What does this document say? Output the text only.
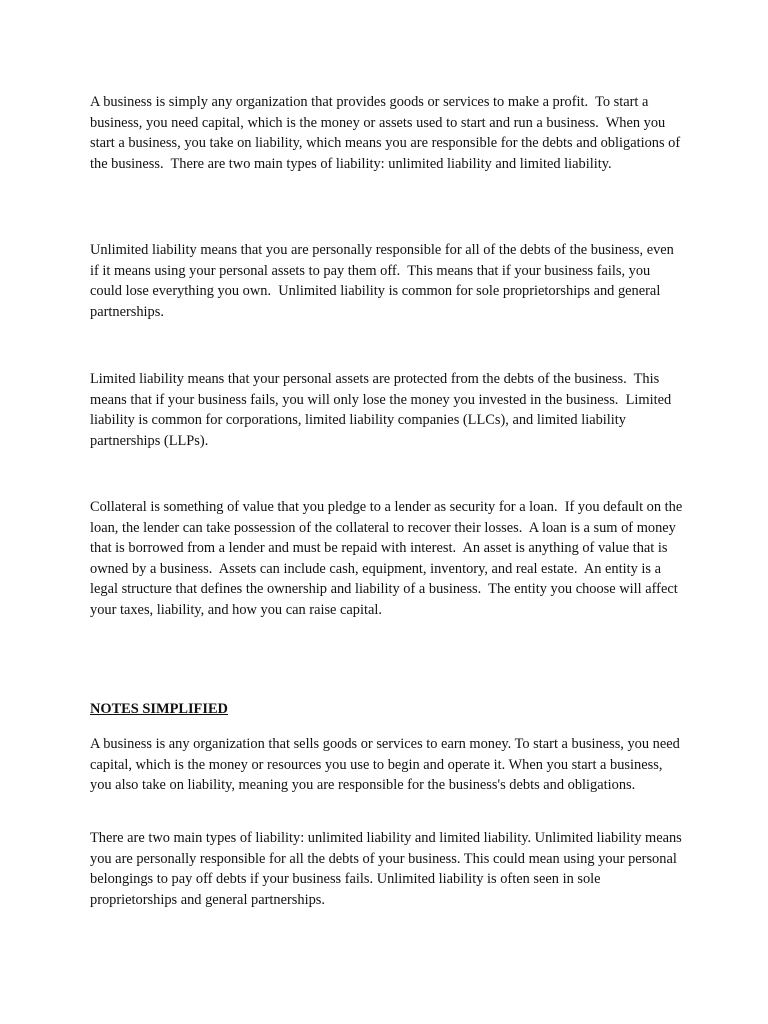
A business is simply any organization that provides goods or services to make a profit.  To start a business, you need capital, which is the money or assets used to start and run a business.  When you start a business, you take on liability, which means you are responsible for the debts and obligations of the business.  There are two main types of liability: unlimited liability and limited liability.

Unlimited liability means that you are personally responsible for all of the debts of the business, even if it means using your personal assets to pay them off.  This means that if your business fails, you could lose everything you own.  Unlimited liability is common for sole proprietorships and general partnerships.

Limited liability means that your personal assets are protected from the debts of the business.  This means that if your business fails, you will only lose the money you invested in the business.  Limited liability is common for corporations, limited liability companies (LLCs), and limited liability partnerships (LLPs).

Collateral is something of value that you pledge to a lender as security for a loan.  If you default on the loan, the lender can take possession of the collateral to recover their losses.  A loan is a sum of money that is borrowed from a lender and must be repaid with interest.  An asset is anything of value that is owned by a business.  Assets can include cash, equipment, inventory, and real estate.  An entity is a legal structure that defines the ownership and liability of a business.  The entity you choose will affect your taxes, liability, and how you can raise capital.

NOTES SIMPLIFIED

A business is any organization that sells goods or services to earn money. To start a business, you need capital, which is the money or resources you use to begin and operate it. When you start a business, you also take on liability, meaning you are responsible for the business's debts and obligations.

There are two main types of liability: unlimited liability and limited liability. Unlimited liability means you are personally responsible for all the debts of your business. This could mean using your personal belongings to pay off debts if your business fails. Unlimited liability is often seen in sole proprietorships and general partnerships.
